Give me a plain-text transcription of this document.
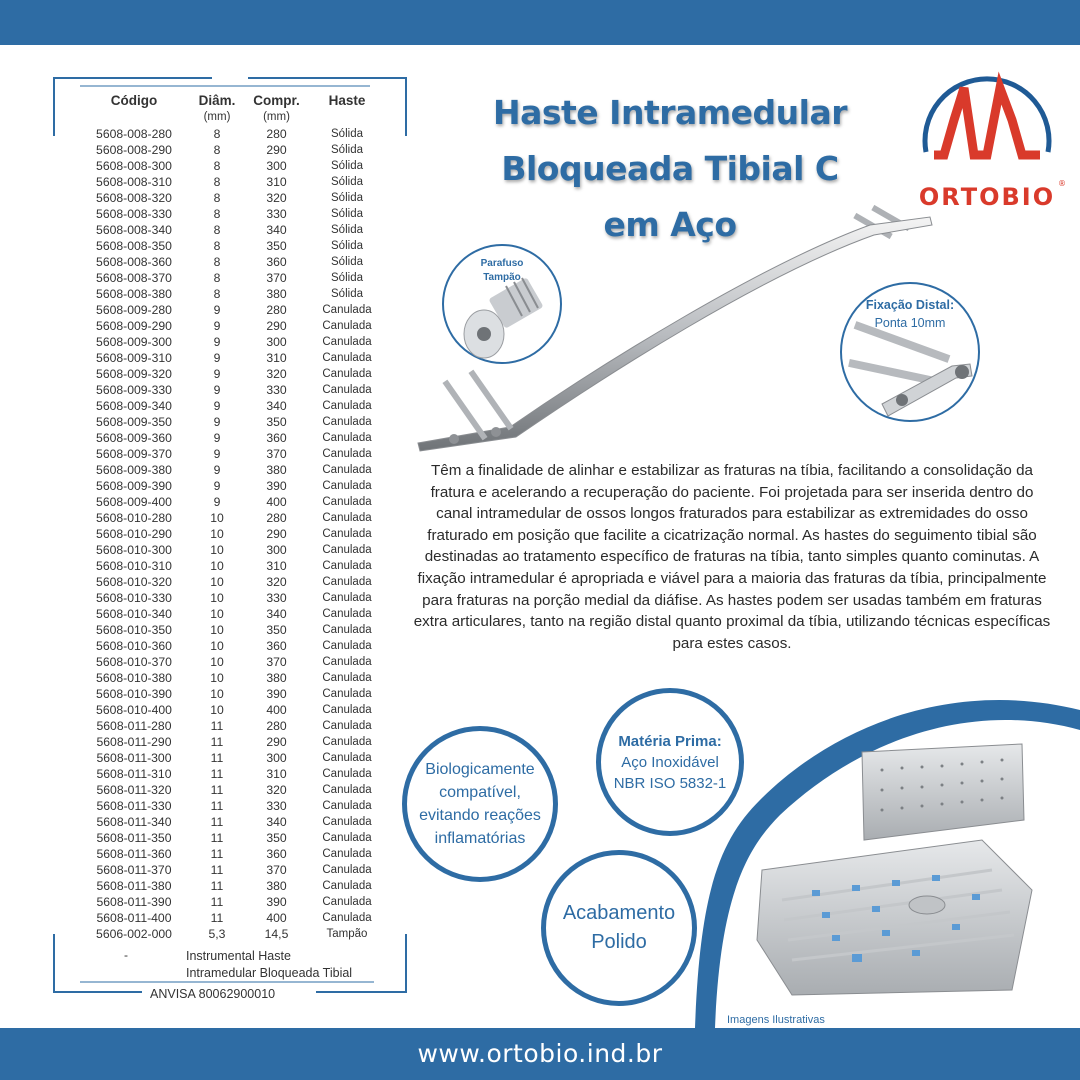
Código	Diâm.	Compr.	Haste
(mm)	(mm)
5608-008-280	8	280	Sólida
5608-008-290	8	290	Sólida
5608-008-300	8	300	Sólida
5608-008-310	8	310	Sólida
5608-008-320	8	320	Sólida
5608-008-330	8	330	Sólida
5608-008-340	8	340	Sólida
5608-008-350	8	350	Sólida
5608-008-360	8	360	Sólida
5608-008-370	8	370	Sólida
5608-008-380	8	380	Sólida
5608-009-280	9	280	Canulada
5608-009-290	9	290	Canulada
5608-009-300	9	300	Canulada
5608-009-310	9	310	Canulada
5608-009-320	9	320	Canulada
5608-009-330	9	330	Canulada
5608-009-340	9	340	Canulada
5608-009-350	9	350	Canulada
5608-009-360	9	360	Canulada
5608-009-370	9	370	Canulada
5608-009-380	9	380	Canulada
5608-009-390	9	390	Canulada
5608-009-400	9	400	Canulada
5608-010-280	10	280	Canulada
5608-010-290	10	290	Canulada
5608-010-300	10	300	Canulada
5608-010-310	10	310	Canulada
5608-010-320	10	320	Canulada
5608-010-330	10	330	Canulada
5608-010-340	10	340	Canulada
5608-010-350	10	350	Canulada
5608-010-360	10	360	Canulada
5608-010-370	10	370	Canulada
5608-010-380	10	380	Canulada
5608-010-390	10	390	Canulada
5608-010-400	10	400	Canulada
5608-011-280	11	280	Canulada
5608-011-290	11	290	Canulada
5608-011-300	11	300	Canulada
5608-011-310	11	310	Canulada
5608-011-320	11	320	Canulada
5608-011-330	11	330	Canulada
5608-011-340	11	340	Canulada
5608-011-350	11	350	Canulada
5608-011-360	11	360	Canulada
5608-011-370	11	370	Canulada
5608-011-380	11	380	Canulada
5608-011-390	11	390	Canulada
5608-011-400	11	400	Canulada
5606-002-000	5,3	14,5	Tampão
-	Instrumental Haste
Intramedular Bloqueada Tibial
ANVISA 80062900010
Haste Intramedular
Bloqueada Tibial C
em Aço
ORTOBIO ®
Parafuso
Tampão
Fixação Distal:
Ponta 10mm
Têm a finalidade de alinhar e estabilizar as fraturas na tíbia, facilitando a consolidação da fratura e acelerando a recuperação do paciente. Foi projetada para ser inserida dentro do canal intramedular de ossos longos fraturados para estabilizar as extremidades do osso fraturado em posição que facilite a cicatrização normal. As hastes do seguimento tibial são destinadas ao tratamento específico de fraturas na tíbia, tanto simples quanto cominutas. A fixação intramedular é apropriada e viável para a maioria das fraturas da tíbia, principalmente para fraturas na porção medial da diáfise. As hastes podem ser usadas também em fraturas extra articulares, tanto na região distal quanto proximal da tíbia, utilizando técnicas específicas para estes casos.
Biologicamente
compatível,
evitando reações
inflamatórias
Matéria Prima:
Aço Inoxidável
NBR ISO 5832-1
Acabamento
Polido
Imagens Ilustrativas
www.ortobio.ind.br
